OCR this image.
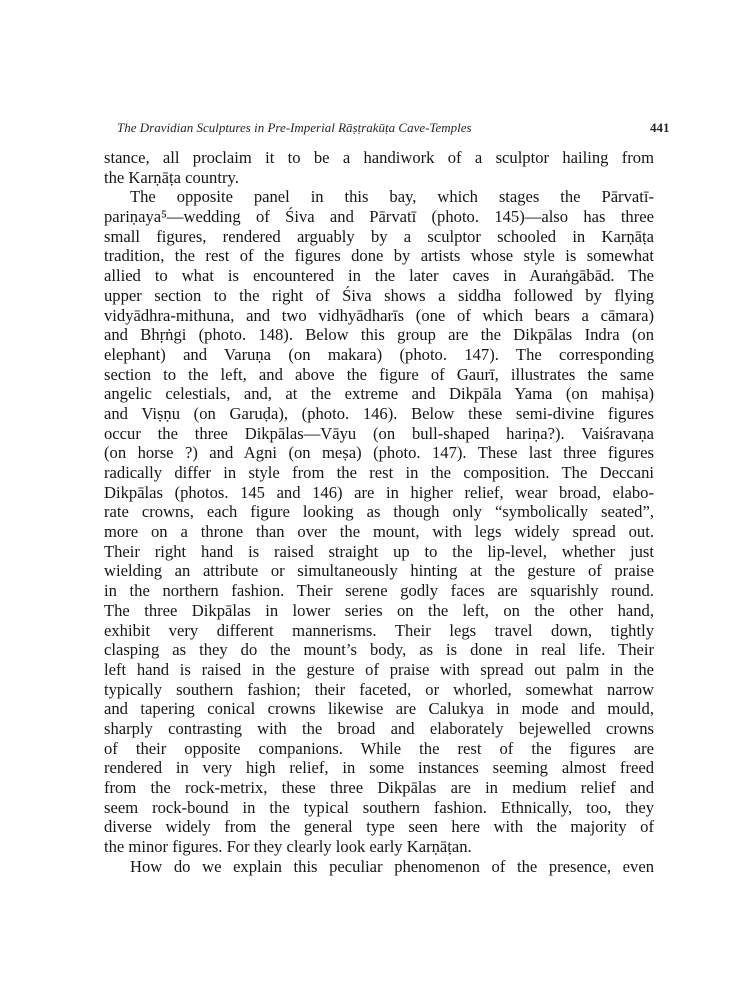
The Dravidian Sculptures in Pre-Imperial Rāṣṭrakūṭa Cave-Temples	441
stance, all proclaim it to be a handiwork of a sculptor hailing from
the Karṇāṭa country.
The opposite panel in this bay, which stages the Pārvatī-
pariṇaya⁵—wedding of Śiva and Pārvatī (photo. 145)—also has three
small figures, rendered arguably by a sculptor schooled in Karṇāṭa
tradition, the rest of the figures done by artists whose style is somewhat
allied to what is encountered in the later caves in Auraṅgābād. The
upper section to the right of Śiva shows a siddha followed by flying
vidyādhra-mithuna, and two vidhyādharīs (one of which bears a cāmara)
and Bhṛṅgi (photo. 148). Below this group are the Dikpālas Indra (on
elephant) and Varuṇa (on makara) (photo. 147). The corresponding
section to the left, and above the figure of Gaurī, illustrates the same
angelic celestials, and, at the extreme and Dikpāla Yama (on mahiṣa)
and Viṣṇu (on Garuḍa), (photo. 146). Below these semi-divine figures
occur the three Dikpālas—Vāyu (on bull-shaped hariṇa?). Vaiśravaṇa
(on horse ?) and Agni (on meṣa) (photo. 147). These last three figures
radically differ in style from the rest in the composition. The Deccani
Dikpālas (photos. 145 and 146) are in higher relief, wear broad, elabo-
rate crowns, each figure looking as though only “symbolically seated”,
more on a throne than over the mount, with legs widely spread out.
Their right hand is raised straight up to the lip-level, whether just
wielding an attribute or simultaneously hinting at the gesture of praise
in the northern fashion. Their serene godly faces are squarishly round.
The three Dikpālas in lower series on the left, on the other hand,
exhibit very different mannerisms. Their legs travel down, tightly
clasping as they do the mount’s body, as is done in real life. Their
left hand is raised in the gesture of praise with spread out palm in the
typically southern fashion; their faceted, or whorled, somewhat narrow
and tapering conical crowns likewise are Calukya in mode and mould,
sharply contrasting with the broad and elaborately bejewelled crowns
of their opposite companions. While the rest of the figures are
rendered in very high relief, in some instances seeming almost freed
from the rock-metrix, these three Dikpālas are in medium relief and
seem rock-bound in the typical southern fashion. Ethnically, too, they
diverse widely from the general type seen here with the majority of
the minor figures. For they clearly look early Karṇāṭan.
How do we explain this peculiar phenomenon of the presence, even
